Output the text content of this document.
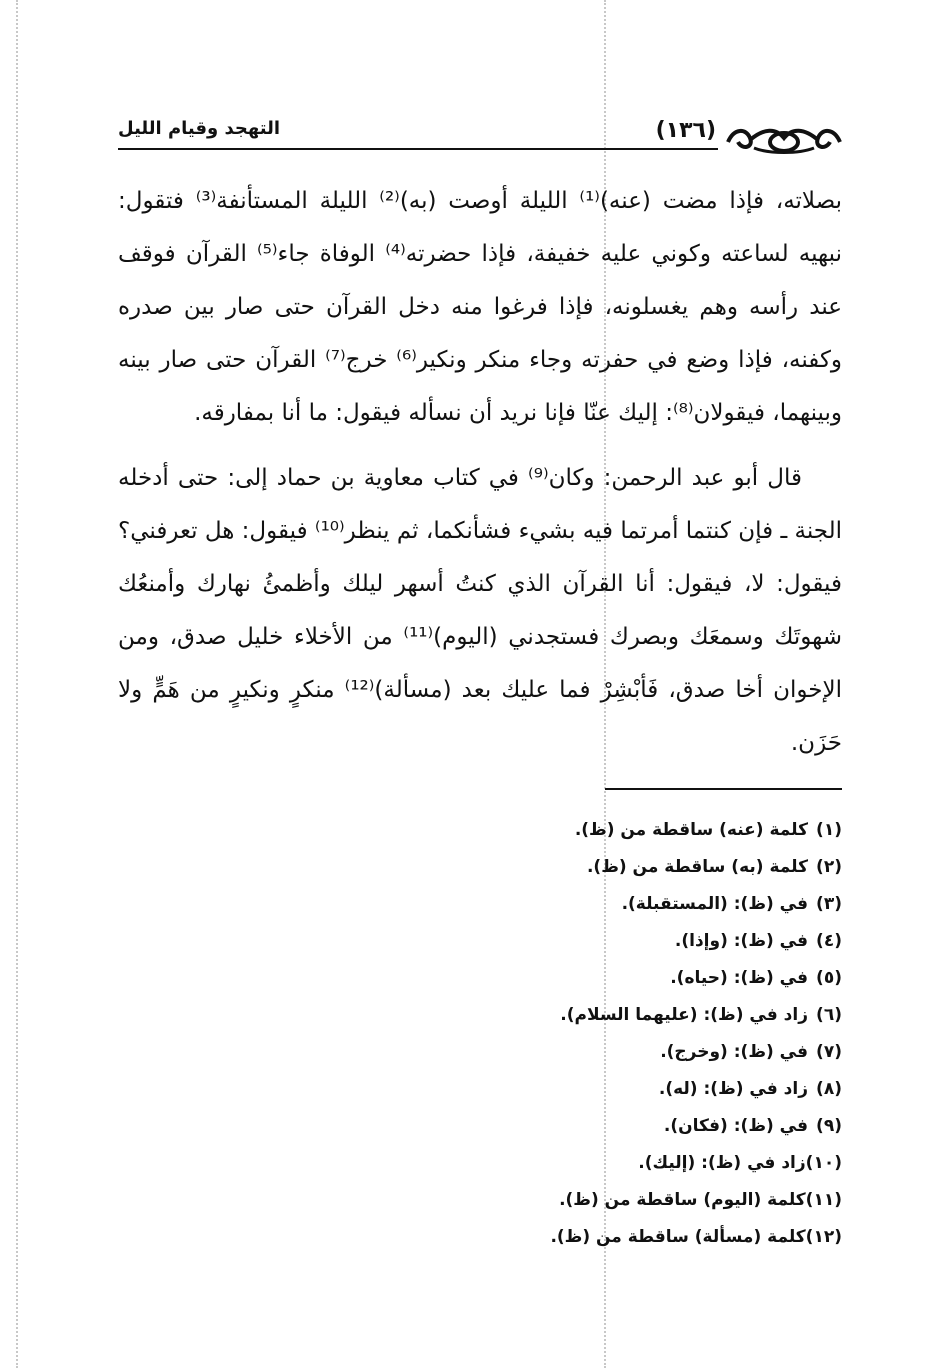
(١٣٦)
التهجد وقيام الليل

بصلاته، فإذا مضت (عنه)⁽¹⁾ الليلة أوصت (به)⁽²⁾ الليلة المستأنفة⁽³⁾ فتقول: نبهيه لساعته وكوني عليه خفيفة، فإذا حضرته⁽⁴⁾ الوفاة جاء⁽⁵⁾ القرآن فوقف عند رأسه وهم يغسلونه، فإذا فرغوا منه دخل القرآن حتى صار بين صدره وكفنه، فإذا وضع في حفرته وجاء منكر ونكير⁽⁶⁾ خرج⁽⁷⁾ القرآن حتى صار بينه وبينهما، فيقولان⁽⁸⁾: إليك عنّا فإنا نريد أن نسأله فيقول: ما أنا بمفارقه.

قال أبو عبد الرحمن: وكان⁽⁹⁾ في كتاب معاوية بن حماد إلى: حتى أدخله الجنة ـ فإن كنتما أمرتما فيه بشيء فشأنكما، ثم ينظر⁽¹⁰⁾ فيقول: هل تعرفني؟ فيقول: لا، فيقول: أنا القرآن الذي كنتُ أسهر ليلك وأظمئُ نهارك وأمنعُك شهوتَك وسمعَك وبصرك فستجدني (اليوم)⁽¹¹⁾ من الأخلاء خليل صدق، ومن الإخوان أخا صدق، فَأبْشِرْ فما عليك بعد (مسألة)⁽¹²⁾ منكرٍ ونكيرٍ من هَمٍّ ولا حَزَن.

(١)
كلمة (عنه) ساقطة من (ظ).
(٢)
كلمة (به) ساقطة من (ظ).
(٣)
في (ظ): (المستقبلة).
(٤)
في (ظ): (وإذا).
(٥)
في (ظ): (حياه).
(٦)
زاد في (ظ): (عليهما السلام).
(٧)
في (ظ): (وخرج).
(٨)
زاد في (ظ): (له).
(٩)
في (ظ): (فكان).
(١٠)
زاد في (ظ): (إليك).
(١١)
كلمة (اليوم) ساقطة من (ظ).
(١٢)
كلمة (مسألة) ساقطة من (ظ).
